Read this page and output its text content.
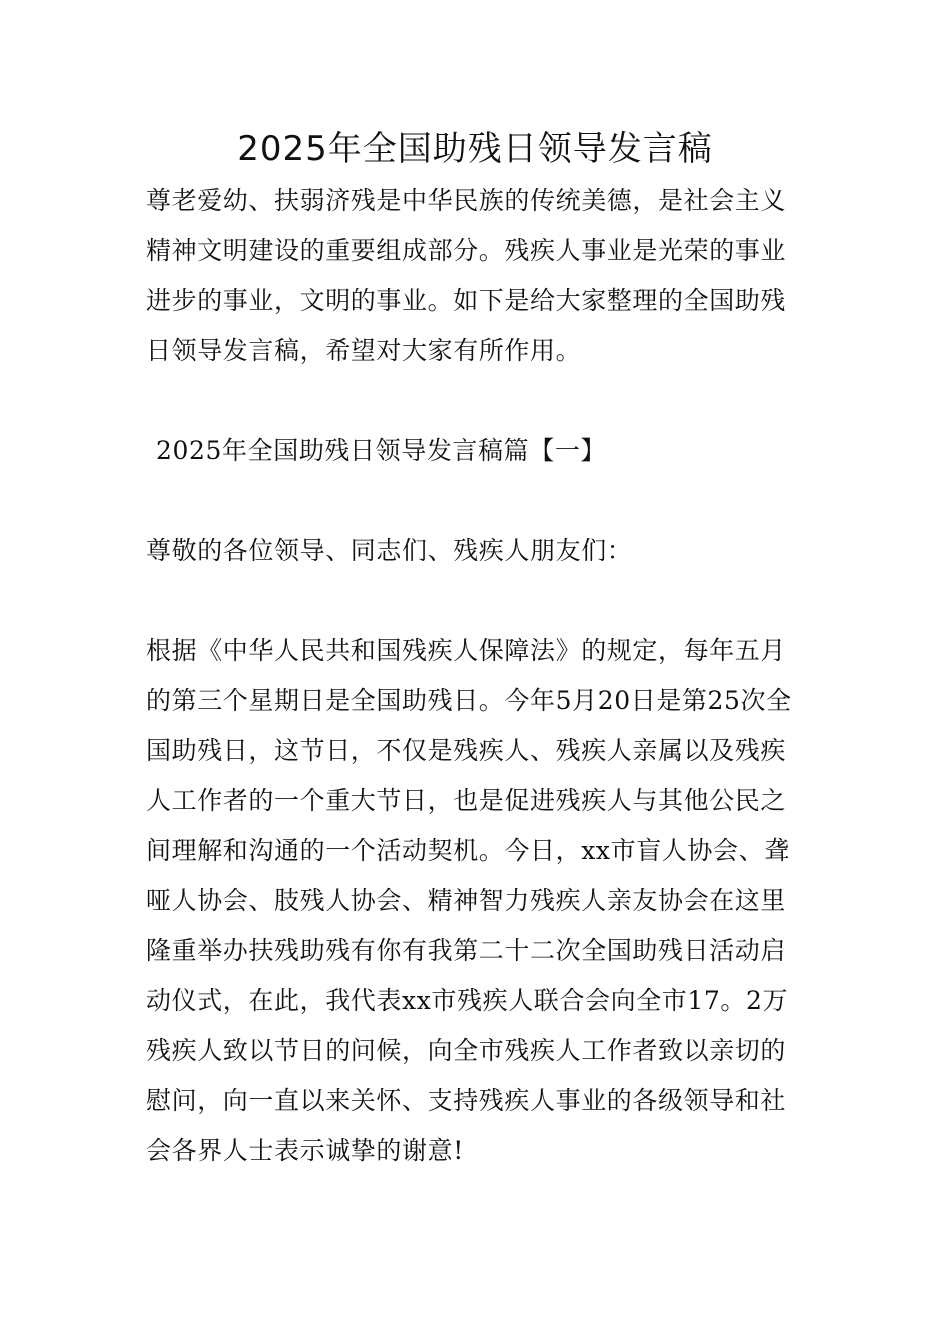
2025年全国助残日领导发言稿

尊老爱幼、扶弱济残是中华民族的传统美德，是社会主义
精神文明建设的重要组成部分。残疾人事业是光荣的事业
进步的事业，文明的事业。如下是给大家整理的全国助残
日领导发言稿，希望对大家有所作用。

2025年全国助残日领导发言稿篇【一】

尊敬的各位领导、同志们、残疾人朋友们：

根据《中华人民共和国残疾人保障法》的规定，每年五月
的第三个星期日是全国助残日。今年5月20日是第25次全
国助残日，这节日，不仅是残疾人、残疾人亲属以及残疾
人工作者的一个重大节日，也是促进残疾人与其他公民之
间理解和沟通的一个活动契机。今日，xx市盲人协会、聋
哑人协会、肢残人协会、精神智力残疾人亲友协会在这里
隆重举办扶残助残有你有我第二十二次全国助残日活动启
动仪式，在此，我代表xx市残疾人联合会向全市17。2万
残疾人致以节日的问候，向全市残疾人工作者致以亲切的
慰问，向一直以来关怀、支持残疾人事业的各级领导和社
会各界人士表示诚挚的谢意!
